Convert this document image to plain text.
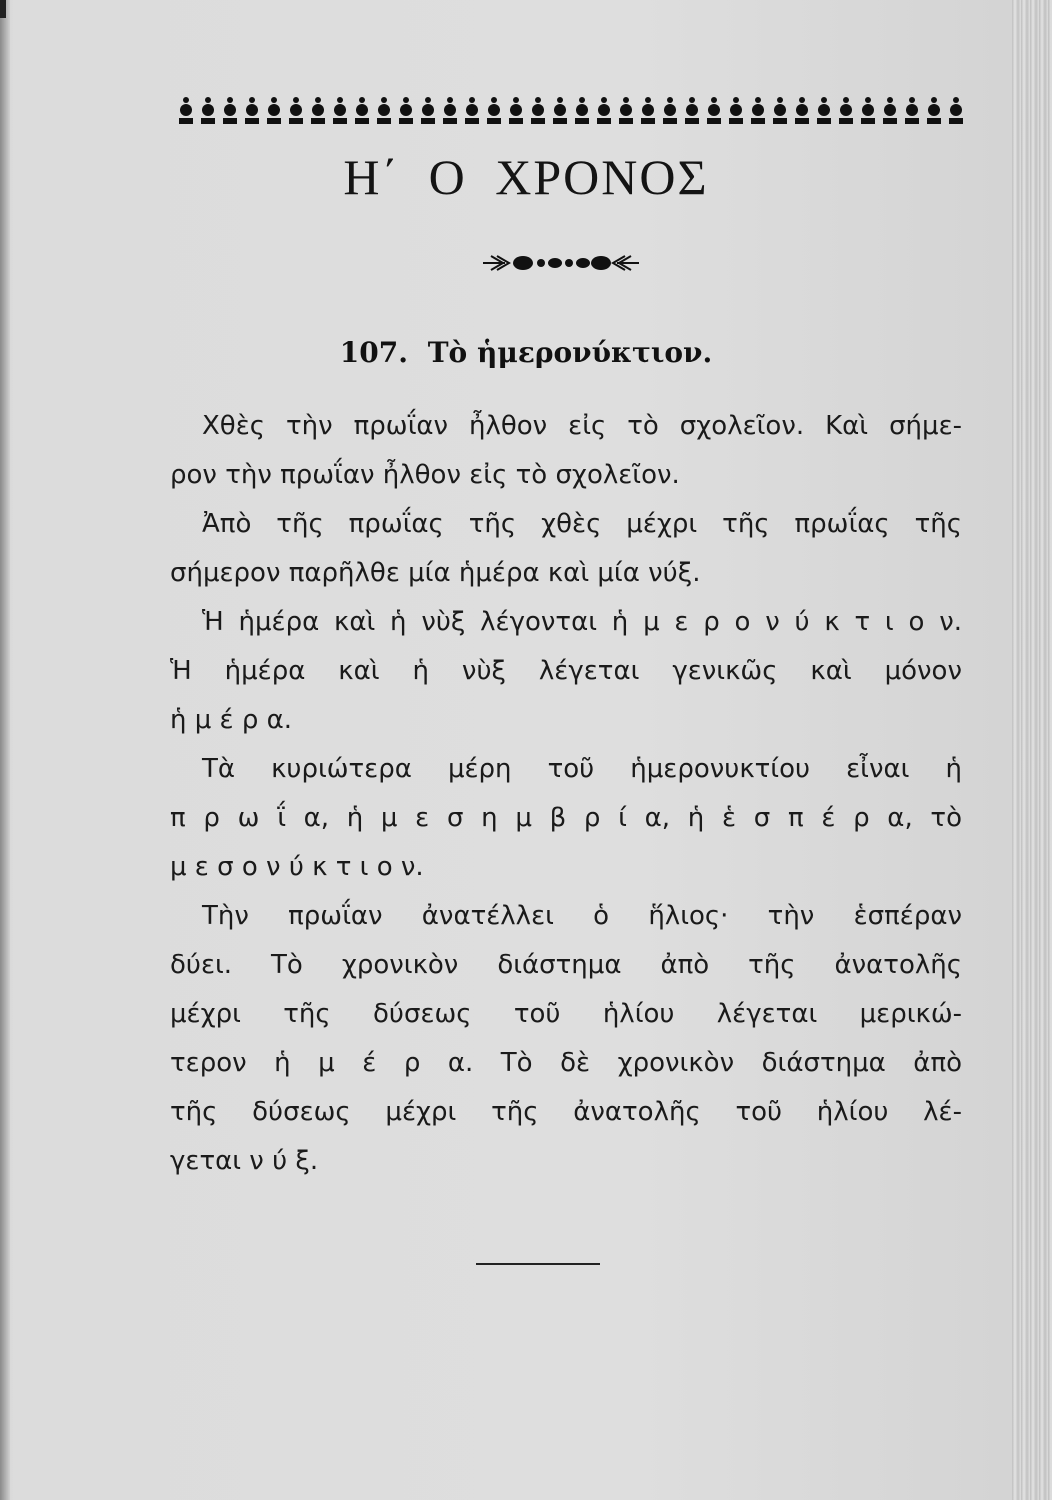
Η΄ Ο ΧΡΟΝΟΣ
107. Τὸ ἡμερονύκτιον.
Χθὲς τὴν πρωΐαν ἦλθον εἰς τὸ σχολεῖον. Καὶ σήμε-
ρον τὴν πρωΐαν ἦλθον εἰς τὸ σχολεῖον.
Ἀπὸ τῆς πρωΐας τῆς χθὲς μέχρι τῆς πρωΐας τῆς
σήμερον παρῆλθε μία ἡμέρα καὶ μία νύξ.
Ἡ ἡμέρα καὶ ἡ νὺξ λέγονται ἡ μ ε ρ ο ν ύ κ τ ι ο ν.
Ἡ ἡμέρα καὶ ἡ νὺξ λέγεται γενικῶς καὶ μόνον
ἡ μ έ ρ α.
Τὰ κυριώτερα μέρη τοῦ ἡμερονυκτίου εἶναι ἡ
π ρ ω ΐ α, ἡ μ ε σ η μ β ρ ί α, ἡ ἑ σ π έ ρ α, τὸ
μ ε σ ο ν ύ κ τ ι ο ν.
Τὴν πρωΐαν ἀνατέλλει ὁ ἥλιος· τὴν ἑσπέραν
δύει. Τὸ χρονικὸν διάστημα ἀπὸ τῆς ἀνατολῆς
μέχρι τῆς δύσεως τοῦ ἡλίου λέγεται μερικώ-
τερον ἡ μ έ ρ α. Τὸ δὲ χρονικὸν διάστημα ἀπὸ
τῆς δύσεως μέχρι τῆς ἀνατολῆς τοῦ ἡλίου λέ-
γεται ν ύ ξ.
